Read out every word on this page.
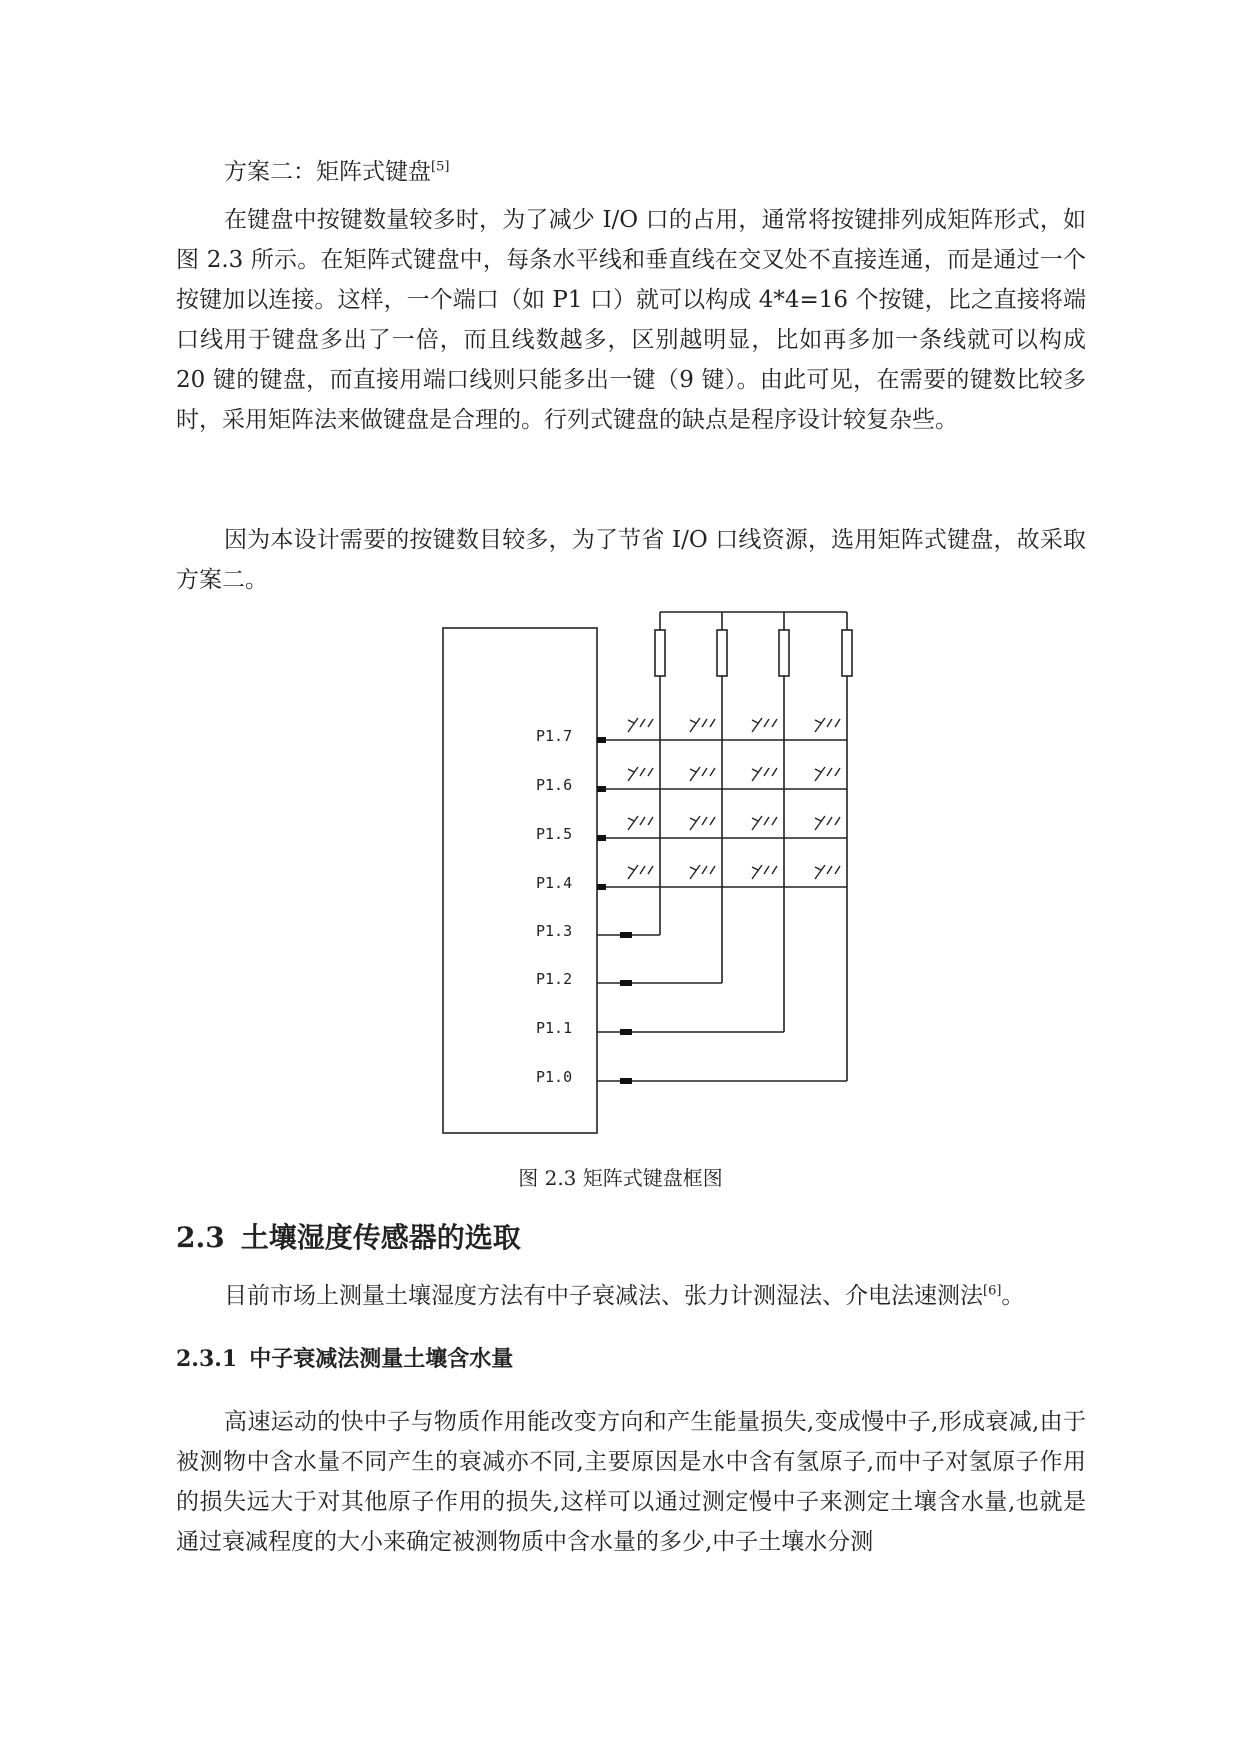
方案二：矩阵式键盘[5]

在键盘中按键数量较多时，为了减少 I/O 口的占用，通常将按键排列成矩阵形式，如图 2.3 所示。在矩阵式键盘中，每条水平线和垂直线在交叉处不直接连通，而是通过一个按键加以连接。这样，一个端口（如 P1 口）就可以构成 4*4=16 个按键，比之直接将端口线用于键盘多出了一倍，而且线数越多，区别越明显，比如再多加一条线就可以构成 20 键的键盘，而直接用端口线则只能多出一键（9 键）。由此可见，在需要的键数比较多时，采用矩阵法来做键盘是合理的。行列式键盘的缺点是程序设计较复杂些。

因为本设计需要的按键数目较多，为了节省 I/O 口线资源，选用矩阵式键盘，故采取方案二。

P1.7
P1.6
P1.5
P1.4
P1.3
P1.2
P1.1
P1.0

图 2.3 矩阵式键盘框图

2.3 土壤湿度传感器的选取

目前市场上测量土壤湿度方法有中子衰减法、张力计测湿法、介电法速测法[6]。

2.3.1 中子衰减法测量土壤含水量

高速运动的快中子与物质作用能改变方向和产生能量损失,变成慢中子,形成衰减,由于被测物中含水量不同产生的衰减亦不同,主要原因是水中含有氢原子,而中子对氢原子作用的损失远大于对其他原子作用的损失,这样可以通过测定慢中子来测定土壤含水量,也就是通过衰减程度的大小来确定被测物质中含水量的多少,中子土壤水分测
